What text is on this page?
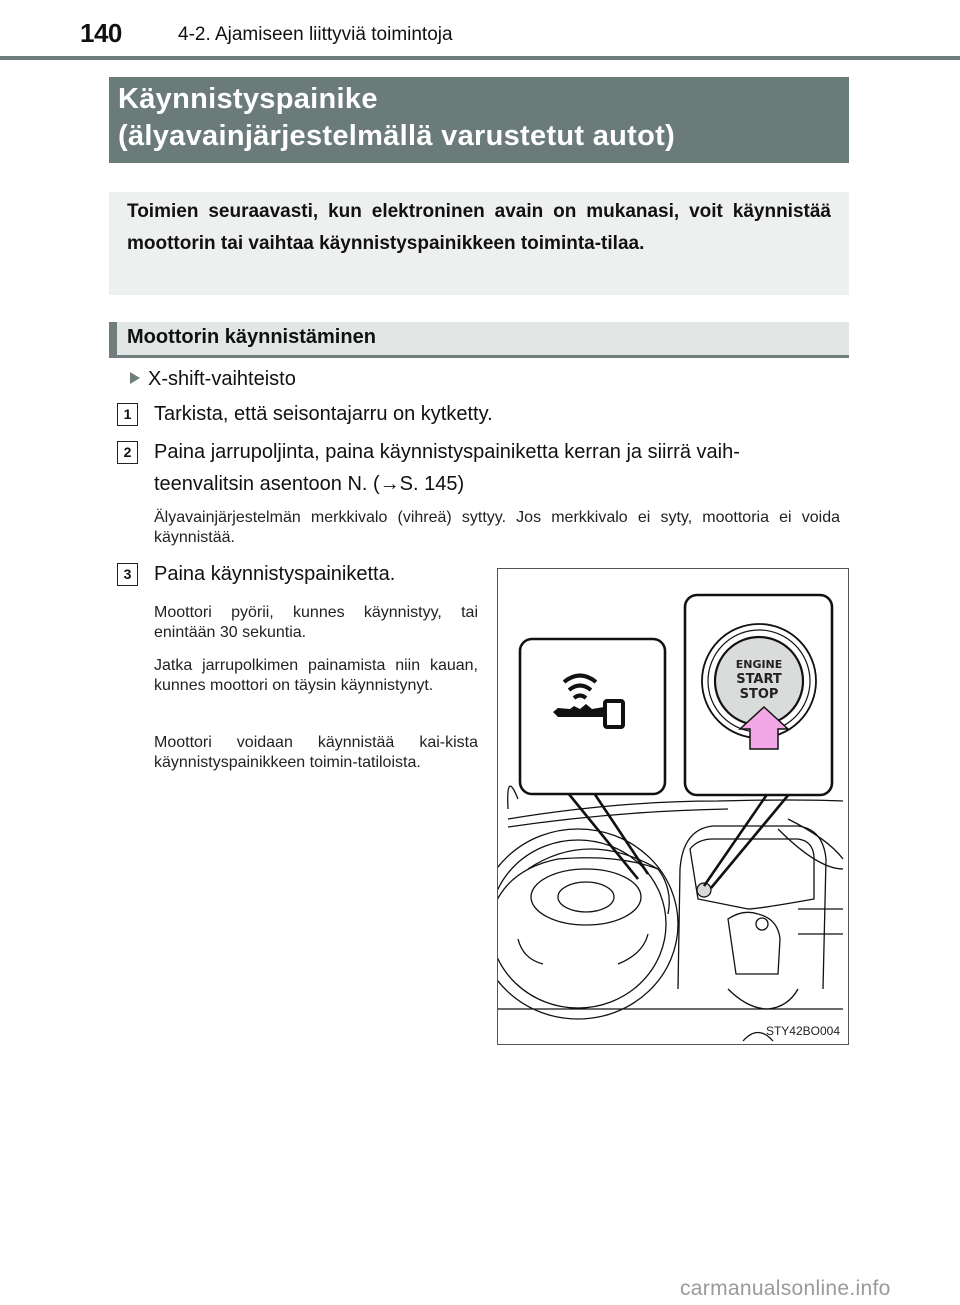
140	4-2. Ajamiseen liittyviä toimintoja
Käynnistyspainike
(älyavainjärjestelmällä varustetut autot)
Toimien seuraavasti, kun elektroninen avain on mukanasi, voit käynnistää moottorin tai vaihtaa käynnistyspainikkeen toiminta-tilaa.
Moottorin käynnistäminen
X-shift-vaihteisto
1	Tarkista, että seisontajarru on kytketty.
2	Paina jarrupoljinta, paina käynnistyspainiketta kerran ja siirrä vaih-
teenvalitsin asentoon N. (→S. 145)
Älyavainjärjestelmän merkkivalo (vihreä) syttyy. Jos merkkivalo ei syty, moottoria ei voida käynnistää.
3	Paina käynnistyspainiketta.
Moottori pyörii, kunnes käynnistyy, tai enintään 30 sekuntia.
Jatka jarrupolkimen painamista niin kauan, kunnes moottori on täysin käynnistynyt.
Moottori voidaan käynnistää kai-kista käynnistyspainikkeen toimin-tatiloista.
ENGINE
START
STOP
STY42BO004
carmanualsonline.info
